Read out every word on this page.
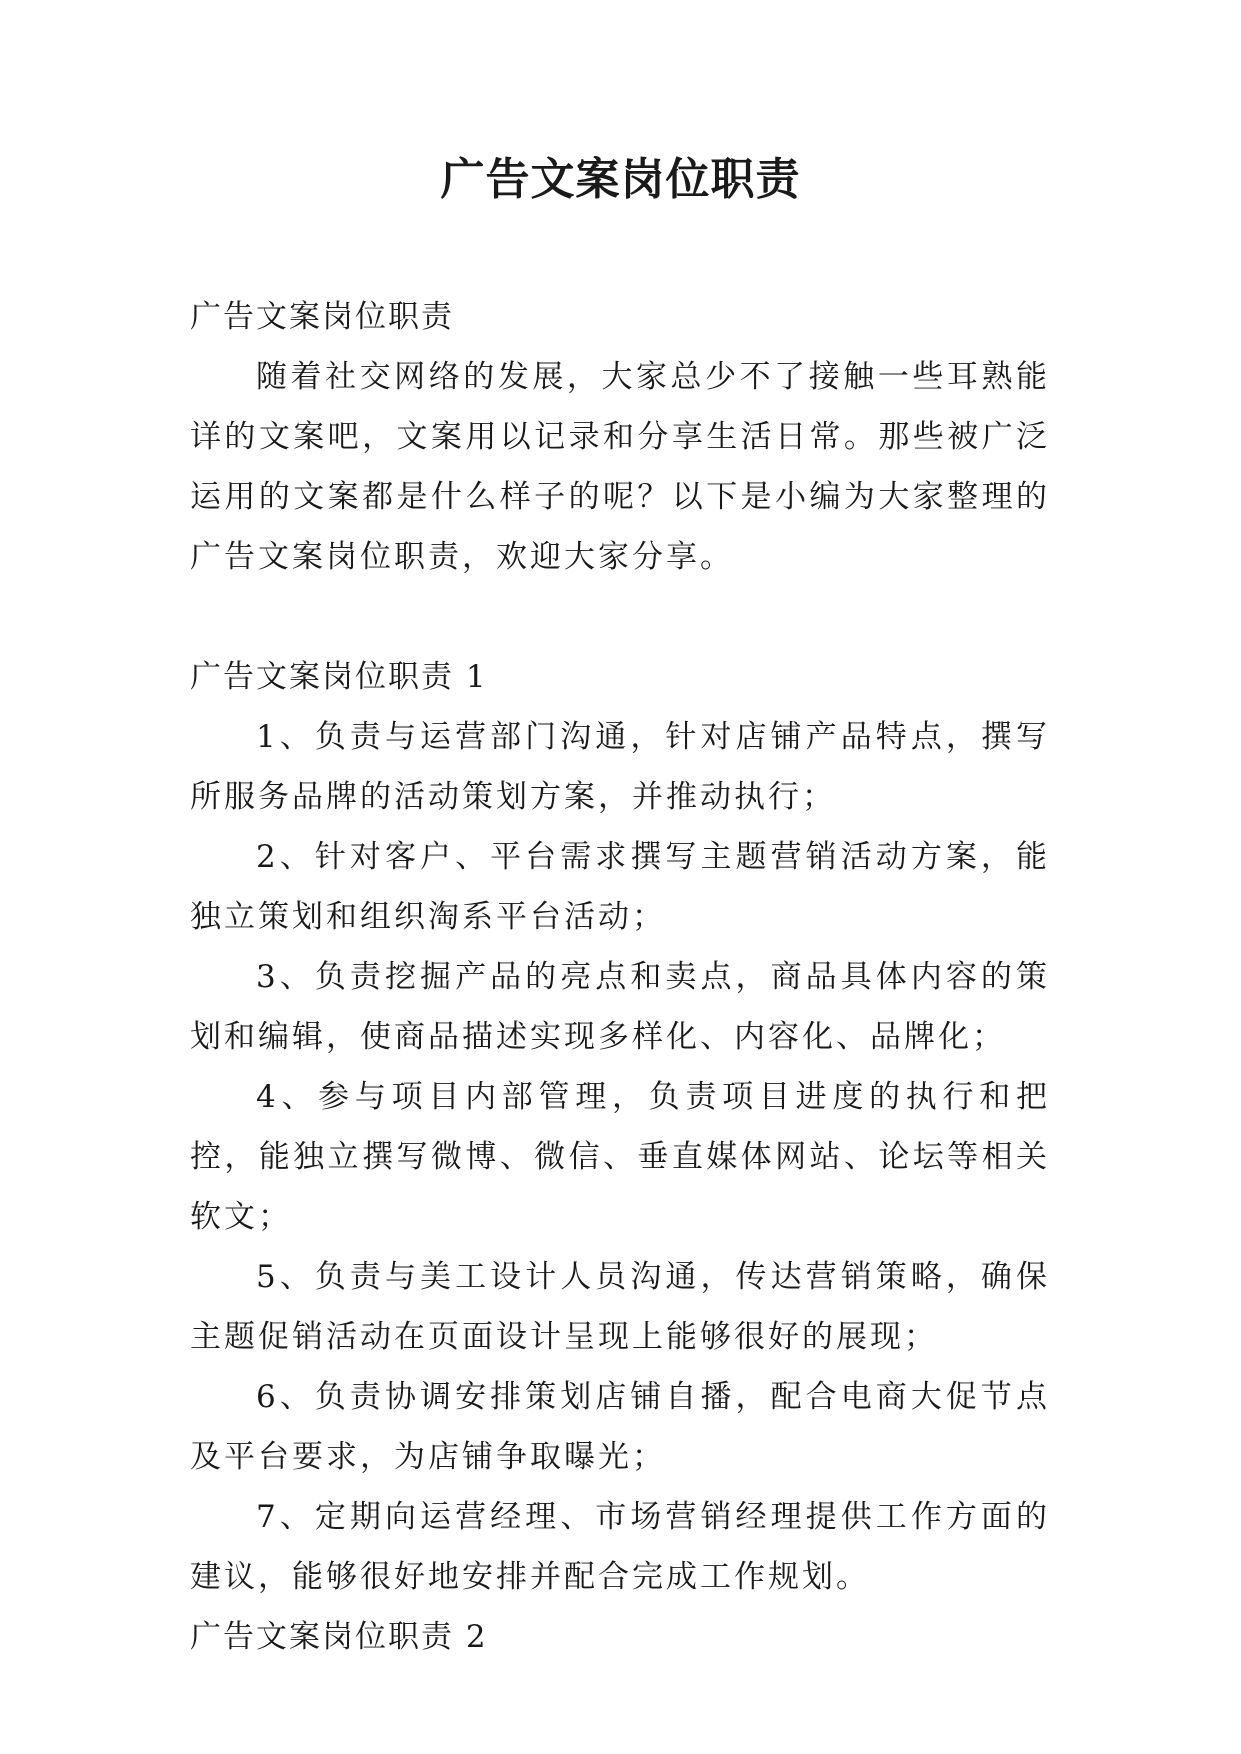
广告文案岗位职责

广告文案岗位职责

随着社交网络的发展，大家总少不了接触一些耳熟能详的文案吧，文案用以记录和分享生活日常。那些被广泛运用的文案都是什么样子的呢？以下是小编为大家整理的广告文案岗位职责，欢迎大家分享。

广告文案岗位职责 1

1、负责与运营部门沟通，针对店铺产品特点，撰写所服务品牌的活动策划方案，并推动执行；

2、针对客户、平台需求撰写主题营销活动方案，能独立策划和组织淘系平台活动；

3、负责挖掘产品的亮点和卖点，商品具体内容的策划和编辑，使商品描述实现多样化、内容化、品牌化；

4、参与项目内部管理，负责项目进度的执行和把控，能独立撰写微博、微信、垂直媒体网站、论坛等相关软文；

5、负责与美工设计人员沟通，传达营销策略，确保主题促销活动在页面设计呈现上能够很好的展现；

6、负责协调安排策划店铺自播，配合电商大促节点及平台要求，为店铺争取曝光；

7、定期向运营经理、市场营销经理提供工作方面的建议，能够很好地安排并配合完成工作规划。

广告文案岗位职责 2
